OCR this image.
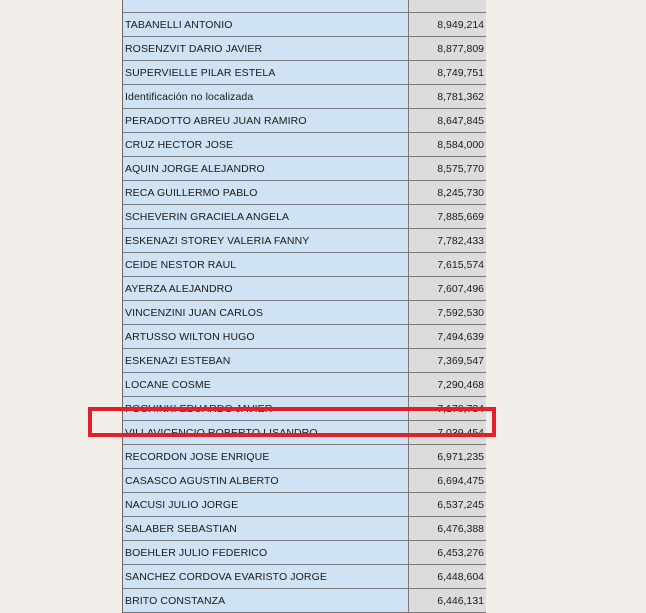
TABANELLI ANTONIO	8,949,214
ROSENZVIT DARIO JAVIER	8,877,809
SUPERVIELLE PILAR ESTELA	8,749,751
Identificación no localizada	8,781,362
PERADOTTO ABREU JUAN RAMIRO	8,647,845
CRUZ HECTOR JOSE	8,584,000
AQUIN JORGE ALEJANDRO	8,575,770
RECA GUILLERMO PABLO	8,245,730
SCHEVERIN GRACIELA ANGELA	7,885,669
ESKENAZI STOREY VALERIA FANNY	7,782,433
CEIDE NESTOR RAUL	7,615,574
AYERZA ALEJANDRO	7,607,496
VINCENZINI JUAN CARLOS	7,592,530
ARTUSSO WILTON HUGO	7,494,639
ESKENAZI ESTEBAN	7,369,547
LOCANE COSME	7,290,468
POCHINKI EDUARDO JAVIER	7,170,734
VILLAVICENCIO ROBERTO LISANDRO	7,039,454
RECORDON JOSE ENRIQUE	6,971,235
CASASCO AGUSTIN ALBERTO	6,694,475
NACUSI JULIO JORGE	6,537,245
SALABER SEBASTIAN	6,476,388
BOEHLER JULIO FEDERICO	6,453,276
SANCHEZ CORDOVA EVARISTO JORGE	6,448,604
BRITO CONSTANZA	6,446,131
